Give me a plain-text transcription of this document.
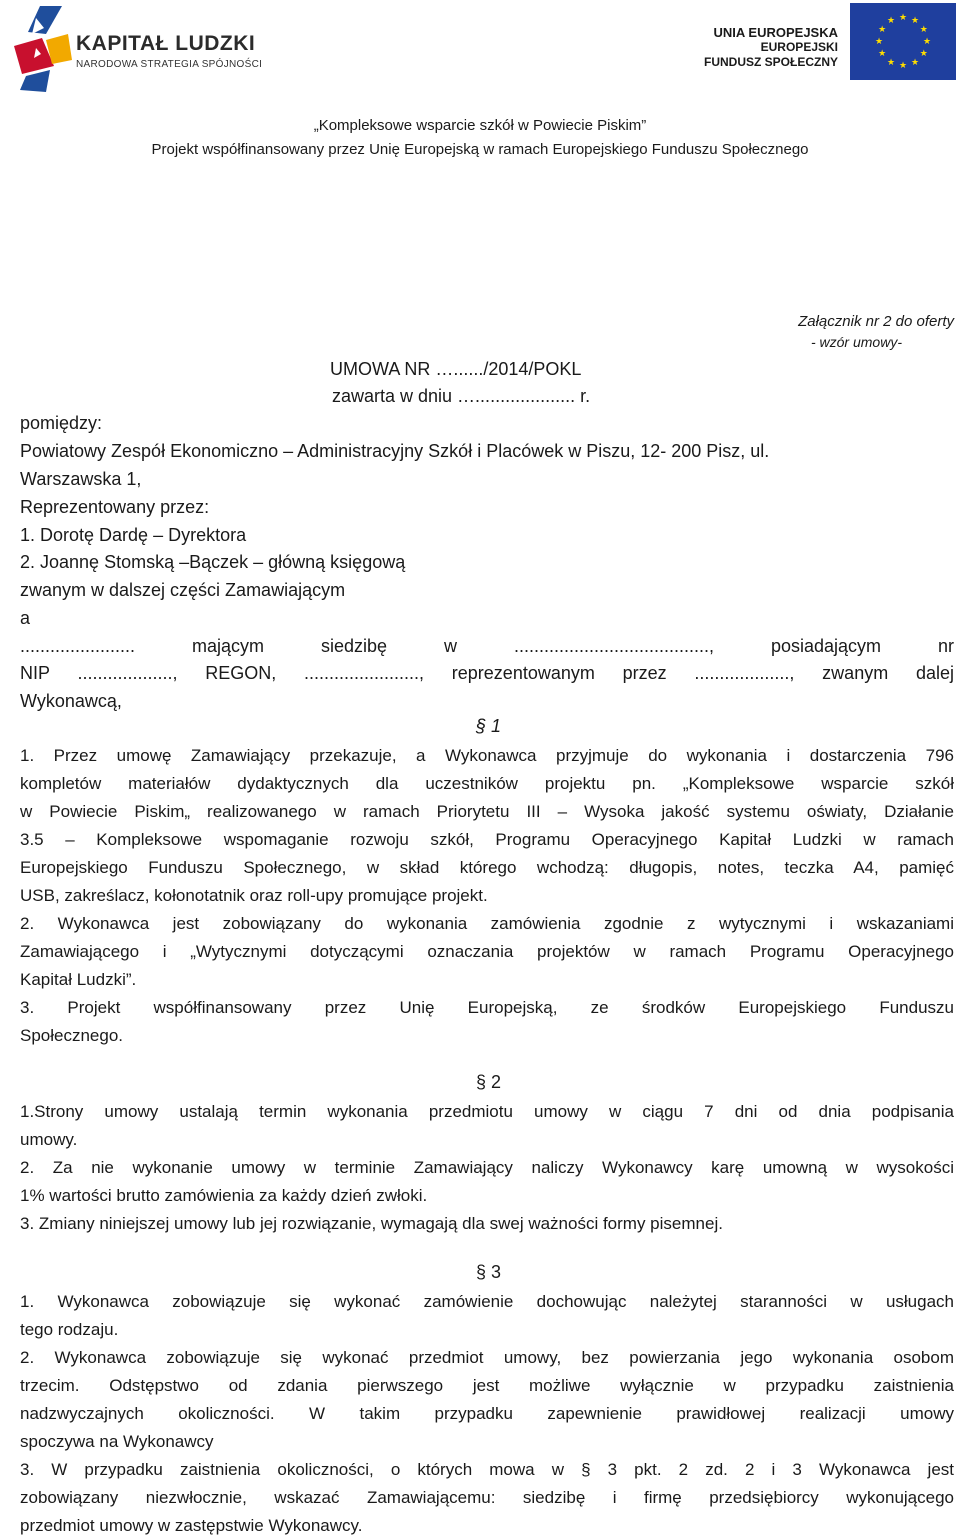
KAPITAŁ LUDZKI
NARODOWA STRATEGIA SPÓJNOŚCI
UNIA EUROPEJSKA
EUROPEJSKI
FUNDUSZ SPOŁECZNY
★
★
★
★
★
★
★
★
★ ★ ★
★
„Kompleksowe wsparcie szkół w Powiecie Piskim”
Projekt współfinansowany przez Unię Europejską w ramach Europejskiego Funduszu Społecznego
Załącznik nr 2 do oferty
- wzór umowy-
UMOWA NR …....../2014/POKL
zawarta w dniu ….................... r.
pomiędzy:
Powiatowy Zespół Ekonomiczno – Administracyjny Szkół i Placówek w Piszu, 12- 200 Pisz, ul.
Warszawska 1,
Reprezentowany przez:
1. Dorotę Dardę – Dyrektora
2. Joannę Stomską –Bączek – główną księgową
zwanym w dalszej części Zamawiającym
a
....................... mającym siedzibę w ......................................., posiadającym nr
NIP ..................., REGON, ......................., reprezentowanym przez ..................., zwanym dalej
Wykonawcą,
§ 1
1. Przez umowę Zamawiający przekazuje, a Wykonawca przyjmuje do wykonania i dostarczenia 796
kompletów materiałów dydaktycznych dla uczestników projektu pn. „Kompleksowe wsparcie szkół
w Powiecie Piskim„ realizowanego w ramach Priorytetu III – Wysoka jakość systemu oświaty, Działanie
3.5 – Kompleksowe wspomaganie rozwoju szkół, Programu Operacyjnego Kapitał Ludzki w ramach
Europejskiego Funduszu Społecznego, w skład którego wchodzą: długopis, notes, teczka A4, pamięć
USB, zakreślacz, kołonotatnik oraz roll-upy promujące projekt.
2. Wykonawca jest zobowiązany do wykonania zamówienia zgodnie z wytycznymi i wskazaniami
Zamawiającego i „Wytycznymi dotyczącymi oznaczania projektów w ramach Programu Operacyjnego
Kapitał Ludzki”.
3. Projekt współfinansowany przez Unię Europejską, ze środków Europejskiego Funduszu
Społecznego.
§ 2
1.Strony umowy ustalają termin wykonania przedmiotu umowy w ciągu 7 dni od dnia podpisania
umowy.
2. Za nie wykonanie umowy w terminie Zamawiający naliczy Wykonawcy karę umowną w wysokości
1% wartości brutto zamówienia za każdy dzień zwłoki.
3. Zmiany niniejszej umowy lub jej rozwiązanie, wymagają dla swej ważności formy pisemnej.
§ 3
1. Wykonawca zobowiązuje się wykonać zamówienie dochowując należytej staranności w usługach
tego rodzaju.
2. Wykonawca zobowiązuje się wykonać przedmiot umowy, bez powierzania jego wykonania osobom
trzecim. Odstępstwo od zdania pierwszego jest możliwe wyłącznie w przypadku zaistnienia
nadzwyczajnych okoliczności. W takim przypadku zapewnienie prawidłowej realizacji umowy
spoczywa na Wykonawcy
3. W przypadku zaistnienia okoliczności, o których mowa w § 3 pkt. 2 zd. 2 i 3 Wykonawca jest
zobowiązany niezwłocznie, wskazać Zamawiającemu: siedzibę i firmę przedsiębiorcy wykonującego
przedmiot umowy w zastępstwie Wykonawcy.
